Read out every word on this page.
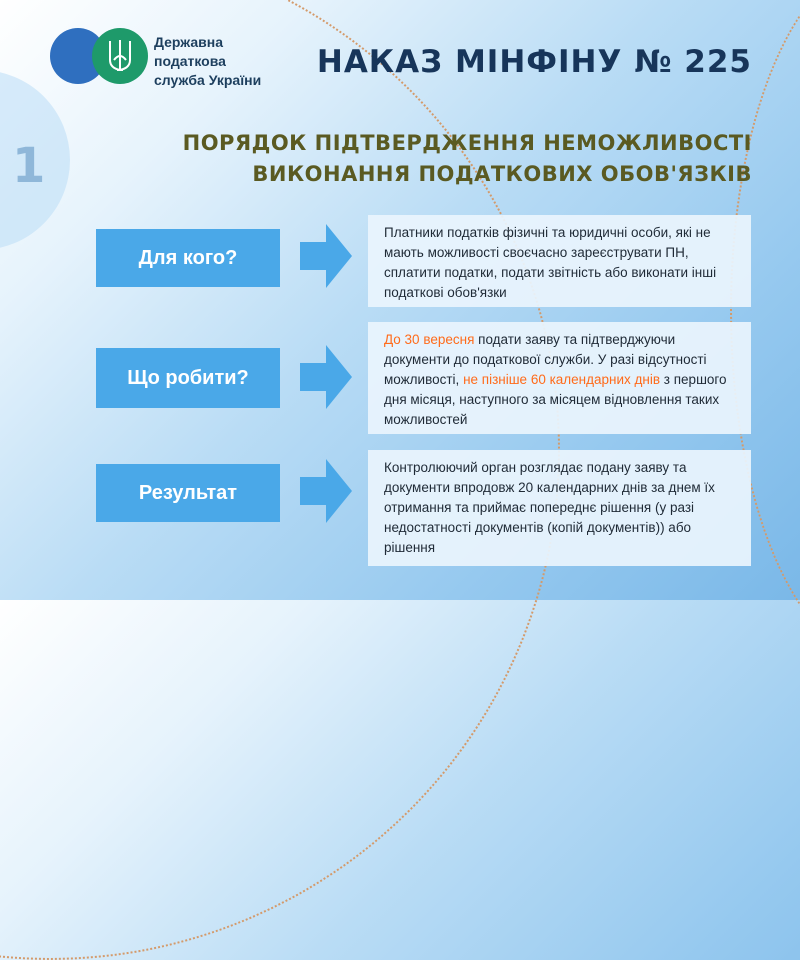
1
Державна
податкова
служба України НАКАЗ МІНФІНУ № 225
ПОРЯДОК ПІДТВЕРДЖЕННЯ НЕМОЖЛИВОСТІ
ВИКОНАННЯ ПОДАТКОВИХ ОБОВ'ЯЗКІВ
Для кого?
Платники податків фізичні та юридичні особи, які не мають можливості своєчасно зареєструвати ПН, сплатити податки, подати звітність або виконати інші податкові обов'язки
Що робити?
До 30 вересня подати заяву та підтверджуючи документи до податкової служби. У разі відсутності можливості, не пізніше 60 календарних днів з першого дня місяця, наступного за місяцем відновлення таких можливостей
Результат
Контролюючий орган розглядає подану заяву та документи впродовж 20 календарних днів за днем їх отримання та приймає попереднє рішення (у разі недостатності документів (копій документів)) або рішення
